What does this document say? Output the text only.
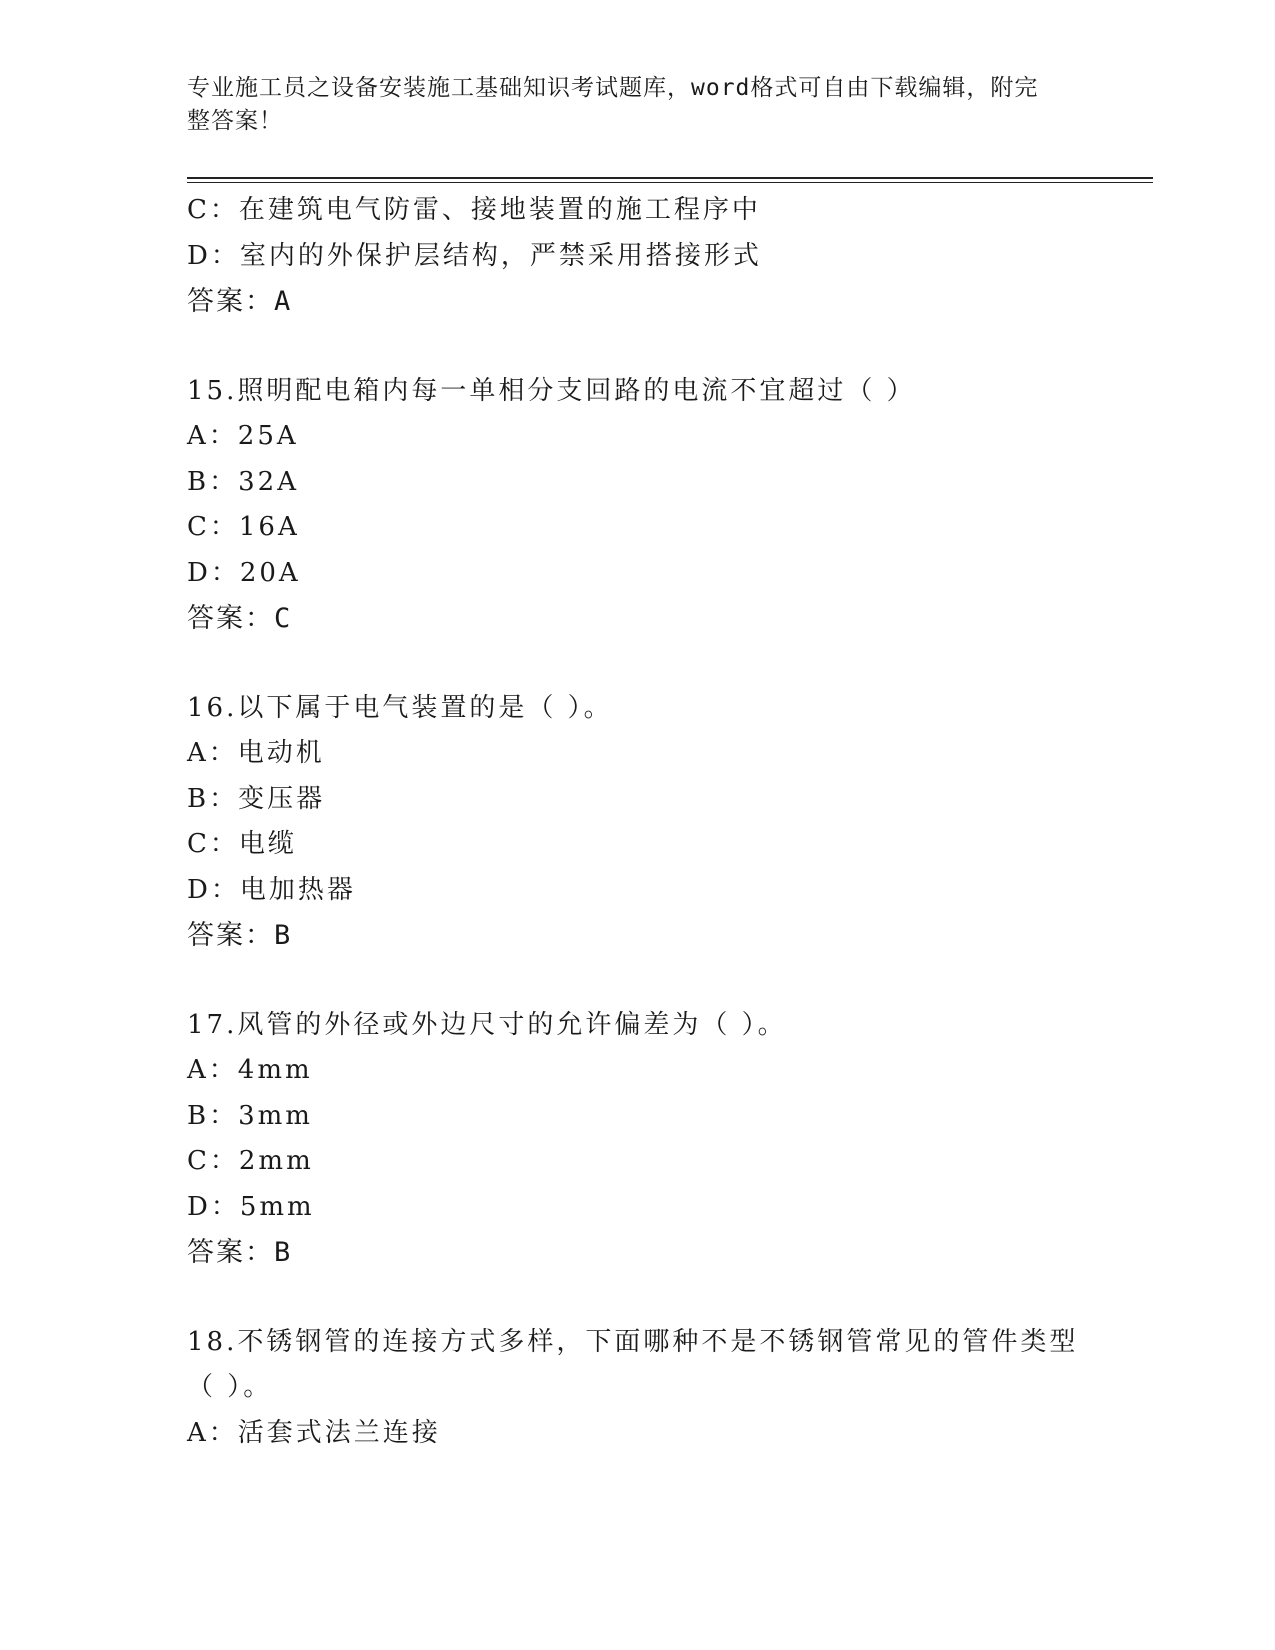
专业施工员之设备安装施工基础知识考试题库，word格式可自由下载编辑，附完
整答案！
C：在建筑电气防雷、接地装置的施工程序中
D：室内的外保护层结构，严禁采用搭接形式
答案：A
15.照明配电箱内每一单相分支回路的电流不宜超过（ ）
A：25A
B：32A
C：16A
D：20A
答案：C
16.以下属于电气装置的是（ ）。
A：电动机
B：变压器
C：电缆
D：电加热器
答案：B
17.风管的外径或外边尺寸的允许偏差为（ ）。
A：4mm
B：3mm
C：2mm
D：5mm
答案：B
18.不锈钢管的连接方式多样，下面哪种不是不锈钢管常见的管件类型
（ ）。
A：活套式法兰连接
